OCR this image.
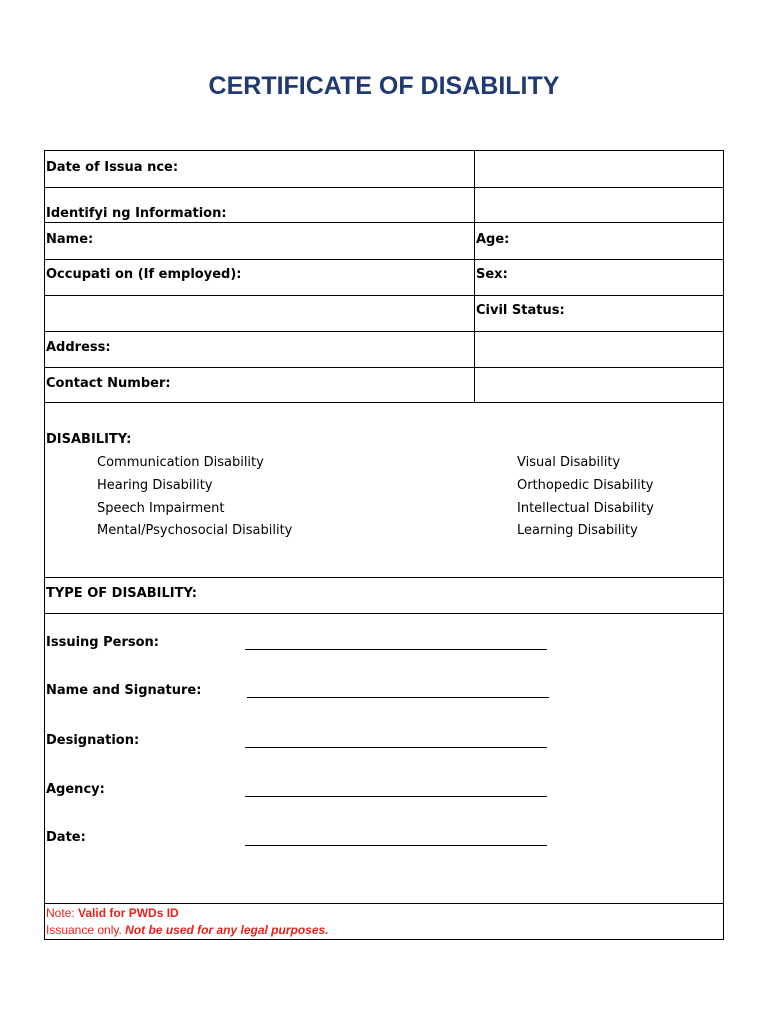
CERTIFICATE OF DISABILITY
Date of Issua nce:
Identifyi ng Information:
Name:	Age:
Occupati on (If employed):	Sex:
Civil Status:
Address:
Contact Number:
DISABILITY:
Communication Disability
Hearing Disability
Speech Impairment
Mental/Psychosocial Disability
Visual Disability
Orthopedic Disability
Intellectual Disability
Learning Disability
TYPE OF DISABILITY:
Issuing Person:
Name and Signature:
Designation:
Agency:
Date:
Note: Valid for PWDs ID
Issuance only. Not be used for any legal purposes.
